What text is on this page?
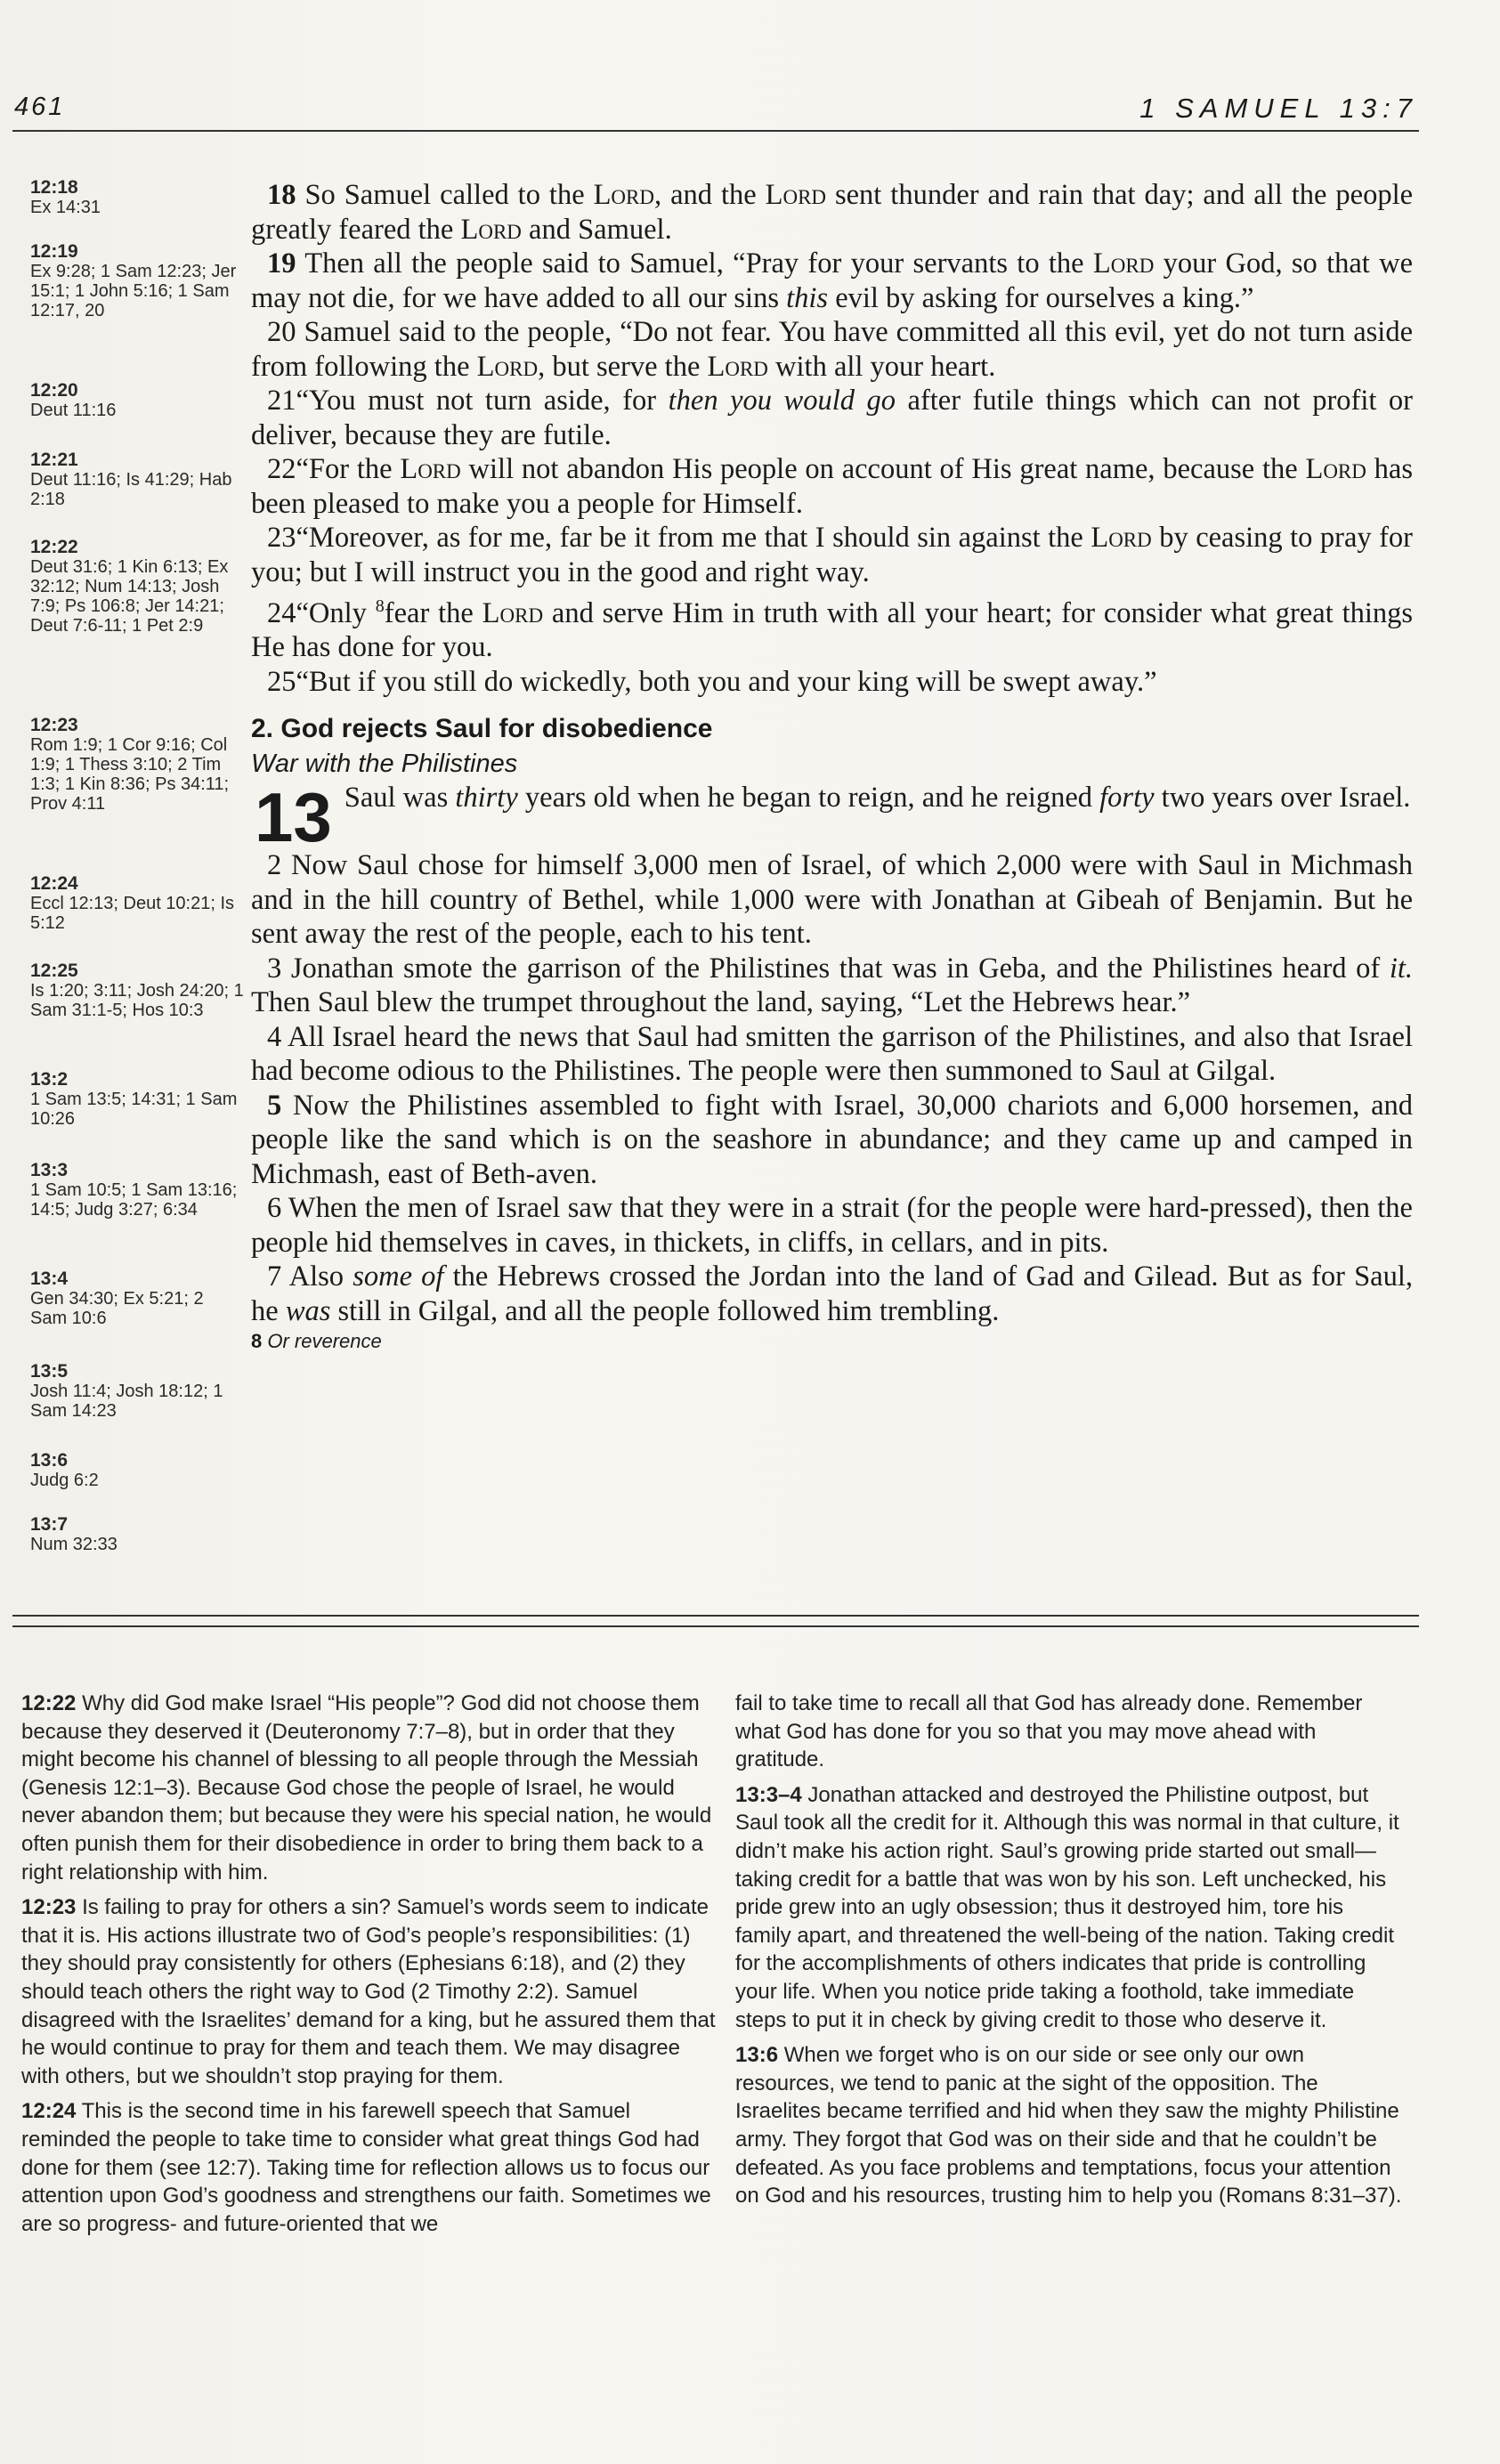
461	1 SAMUEL 13:7
12:18
Ex 14:31
12:19
Ex 9:28; 1 Sam 12:23; Jer 15:1; 1 John 5:16; 1 Sam 12:17, 20
12:20
Deut 11:16
12:21
Deut 11:16; Is 41:29; Hab 2:18
12:22
Deut 31:6; 1 Kin 6:13; Ex 32:12; Num 14:13; Josh 7:9; Ps 106:8; Jer 14:21; Deut 7:6-11; 1 Pet 2:9
12:23
Rom 1:9; 1 Cor 9:16; Col 1:9; 1 Thess 3:10; 2 Tim 1:3; 1 Kin 8:36; Ps 34:11; Prov 4:11
12:24
Eccl 12:13; Deut 10:21; Is 5:12
12:25
Is 1:20; 3:11; Josh 24:20; 1 Sam 31:1-5; Hos 10:3
13:2
1 Sam 13:5; 14:31; 1 Sam 10:26
13:3
1 Sam 10:5; 1 Sam 13:16; 14:5; Judg 3:27; 6:34
13:4
Gen 34:30; Ex 5:21; 2 Sam 10:6
13:5
Josh 11:4; Josh 18:12; 1 Sam 14:23
13:6
Judg 6:2
13:7
Num 32:33

18 So Samuel called to the Lord, and the Lord sent thunder and rain that day; and all the people greatly feared the Lord and Samuel.

19 Then all the people said to Samuel, “Pray for your servants to the Lord your God, so that we may not die, for we have added to all our sins this evil by asking for ourselves a king.”

20 Samuel said to the people, “Do not fear. You have committed all this evil, yet do not turn aside from following the Lord, but serve the Lord with all your heart.

21“You must not turn aside, for then you would go after futile things which can not profit or deliver, because they are futile.

22“For the Lord will not abandon His people on account of His great name, because the Lord has been pleased to make you a people for Himself.

23“Moreover, as for me, far be it from me that I should sin against the Lord by ceasing to pray for you; but I will instruct you in the good and right way.

24“Only $^8$fear the Lord and serve Him in truth with all your heart; for consider what great things He has done for you.

25“But if you still do wickedly, both you and your king will be swept away.”

2. God rejects Saul for disobedience
War with the Philistines
13 Saul was thirty years old when he began to reign, and he reigned forty two years over Israel.

2 Now Saul chose for himself 3,000 men of Israel, of which 2,000 were with Saul in Michmash and in the hill country of Bethel, while 1,000 were with Jonathan at Gibeah of Benjamin. But he sent away the rest of the people, each to his tent.

3 Jonathan smote the garrison of the Philistines that was in Geba, and the Philistines heard of it. Then Saul blew the trumpet throughout the land, saying, “Let the Hebrews hear.”

4 All Israel heard the news that Saul had smitten the garrison of the Philistines, and also that Israel had become odious to the Philistines. The people were then summoned to Saul at Gilgal.

5 Now the Philistines assembled to fight with Israel, 30,000 chariots and 6,000 horsemen, and people like the sand which is on the seashore in abundance; and they came up and camped in Michmash, east of Beth-aven.

6 When the men of Israel saw that they were in a strait (for the people were hard-pressed), then the people hid themselves in caves, in thickets, in cliffs, in cellars, and in pits.

7 Also some of the Hebrews crossed the Jordan into the land of Gad and Gilead. But as for Saul, he was still in Gilgal, and all the people followed him trembling.

8 Or reverence

12:22 Why did God make Israel “His people”? God did not choose them because they deserved it (Deuteronomy 7:7–8), but in order that they might become his channel of blessing to all people through the Messiah (Genesis 12:1–3). Because God chose the people of Israel, he would never abandon them; but because they were his special nation, he would often punish them for their disobedience in order to bring them back to a right relationship with him.

12:23 Is failing to pray for others a sin? Samuel’s words seem to indicate that it is. His actions illustrate two of God’s people’s responsibilities: (1) they should pray consistently for others (Ephesians 6:18), and (2) they should teach others the right way to God (2 Timothy 2:2). Samuel disagreed with the Israelites’ demand for a king, but he assured them that he would continue to pray for them and teach them. We may disagree with others, but we shouldn’t stop praying for them.

12:24 This is the second time in his farewell speech that Samuel reminded the people to take time to consider what great things God had done for them (see 12:7). Taking time for reflection allows us to focus our attention upon God’s goodness and strengthens our faith. Sometimes we are so progress- and future-oriented that we

fail to take time to recall all that God has already done. Remember what God has done for you so that you may move ahead with gratitude.

13:3–4 Jonathan attacked and destroyed the Philistine outpost, but Saul took all the credit for it. Although this was normal in that culture, it didn’t make his action right. Saul’s growing pride started out small—taking credit for a battle that was won by his son. Left unchecked, his pride grew into an ugly obsession; thus it destroyed him, tore his family apart, and threatened the well-being of the nation. Taking credit for the accomplishments of others indicates that pride is controlling your life. When you notice pride taking a foothold, take immediate steps to put it in check by giving credit to those who deserve it.

13:6 When we forget who is on our side or see only our own resources, we tend to panic at the sight of the opposition. The Israelites became terrified and hid when they saw the mighty Philistine army. They forgot that God was on their side and that he couldn’t be defeated. As you face problems and temptations, focus your attention on God and his resources, trusting him to help you (Romans 8:31–37).
